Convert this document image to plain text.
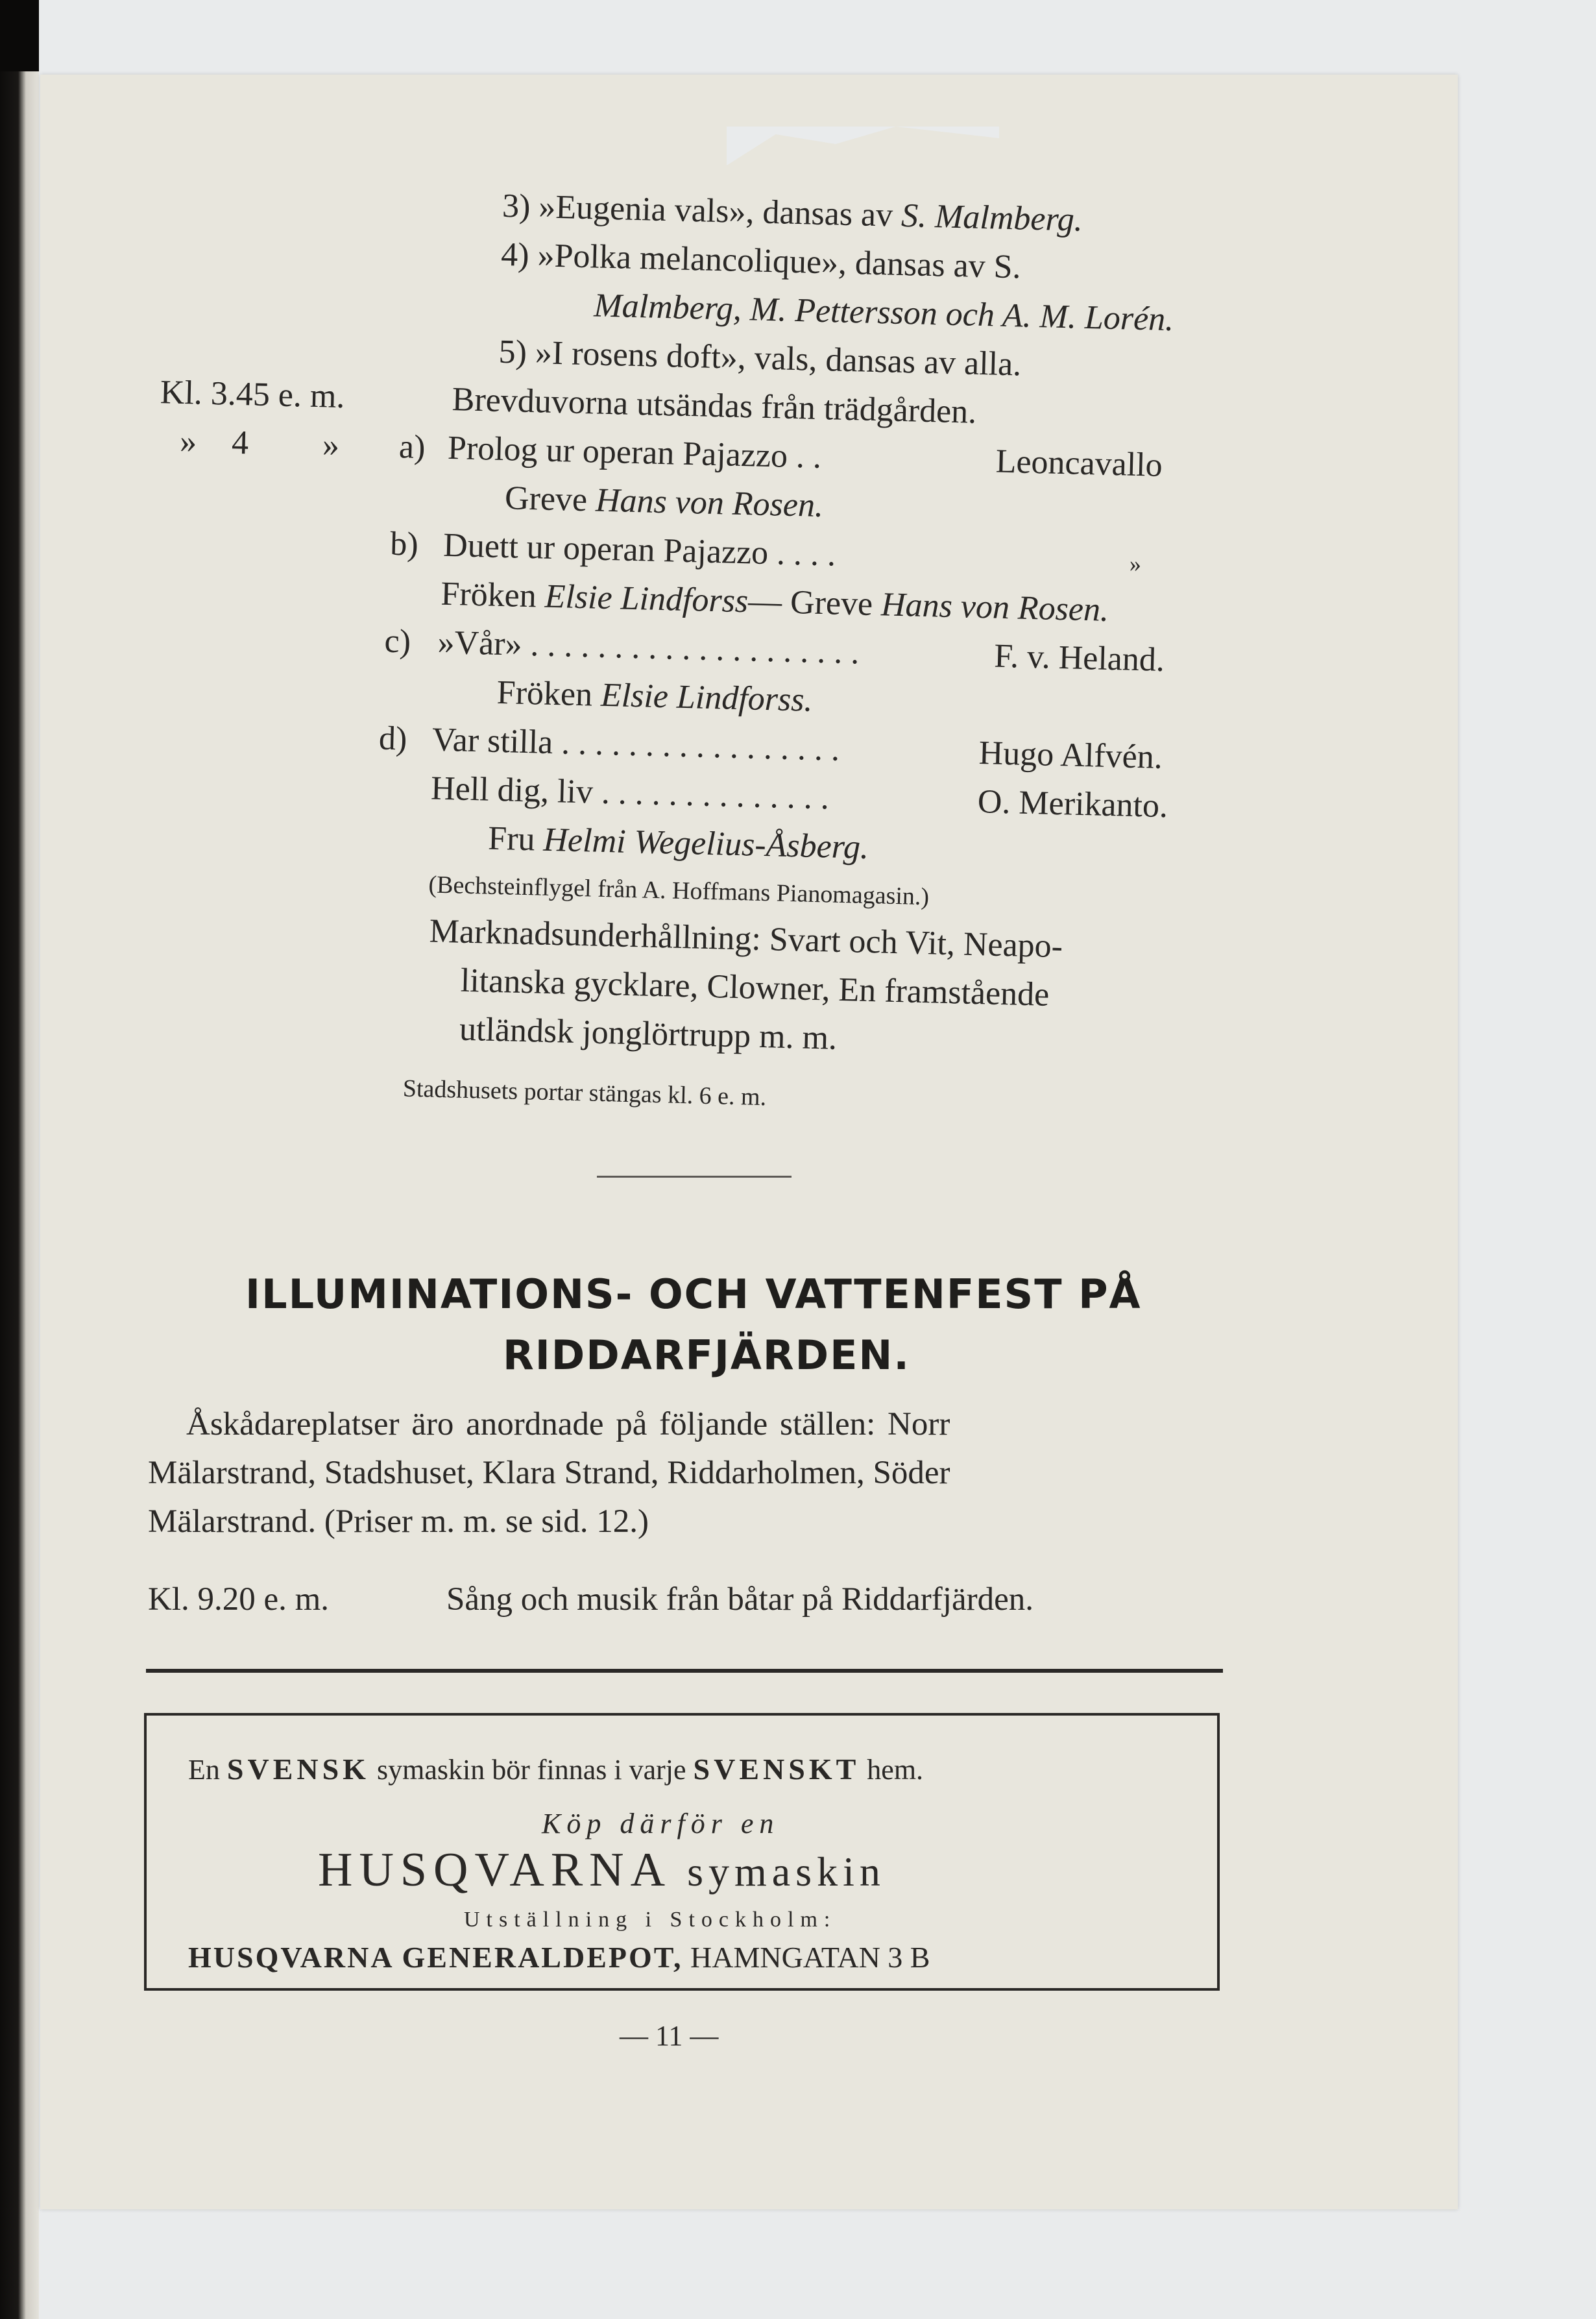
3) »Eugenia vals», dansas av S. Malmberg.
4) »Polka melancolique», dansas av S.
Malmberg, M. Pettersson och A. M. Lorén.
5) »I rosens doft», vals, dansas av alla.
Kl. 3.45 e. m.	Brevduvorna utsändas från trädgården.
» 4 » a) Prolog ur operan Pajazzo . .	Leoncavallo
Greve Hans von Rosen.
b) Duett ur operan Pajazzo . . . .	»
Fröken Elsie Lindforss— Greve Hans von Rosen.
c) »Vår» . . . . . . . . . . . . . . . . . . . .	F. v. Heland.
Fröken Elsie Lindforss.
d) Var stilla . . . . . . . . . . . . . . . . .	Hugo Alfvén.
Hell dig, liv . . . . . . . . . . . . . .	O. Merikanto.
Fru Helmi Wegelius-Åsberg.
(Bechsteinflygel från A. Hoffmans Pianomagasin.)
Marknadsunderhållning: Svart och Vit, Neapo-
litanska gycklare, Clowner, En framstående
utländsk jonglörtrupp m. m.
Stadshusets portar stängas kl. 6 e. m.
ILLUMINATIONS- OCH VATTENFEST PÅ
RIDDARFJÄRDEN.
Åskådareplatser äro anordnade på följande ställen: Norr
Mälarstrand, Stadshuset, Klara Strand, Riddarholmen, Söder
Mälarstrand. (Priser m. m. se sid. 12.)
Kl. 9.20 e. m.	Sång och musik från båtar på Riddarfjärden.
En SVENSK symaskin bör finnas i varje SVENSKT hem.
Köp därför en
HUSQVARNA symaskin
Utställning i Stockholm:
HUSQVARNA GENERALDEPOT, HAMNGATAN 3 B
— 11 —
